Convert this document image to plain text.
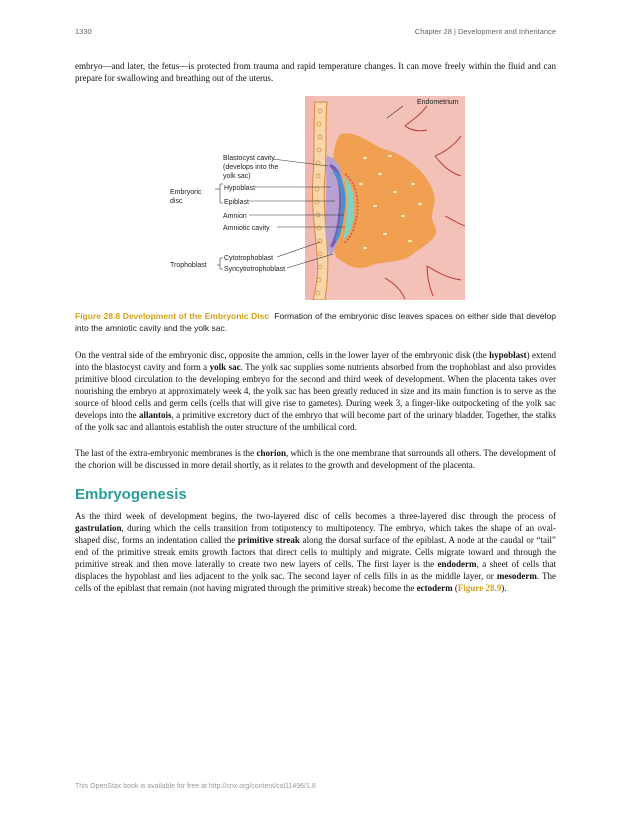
1330	Chapter 28 | Development and Inheritance

embryo—and later, the fetus—is protected from trauma and rapid temperature changes. It can move freely within the fluid and can prepare for swallowing and breathing out of the uterus.

Endometrium
Blastocyst cavity
(develops into the
yolk sac)
Embryoric
disc
Hypoblast
Epiblast
Amnion
Amniotic cavity
Trophoblast
Cytotrophoblast
Syncytiotrophoblast

Figure 28.8 Development of the Embryonic Disc Formation of the embryonic disc leaves spaces on either side that develop into the amniotic cavity and the yolk sac.

On the ventral side of the embryonic disc, opposite the amnion, cells in the lower layer of the embryonic disk (the hypoblast) extend into the blastocyst cavity and form a yolk sac. The yolk sac supplies some nutrients absorbed from the trophoblast and also provides primitive blood circulation to the developing embryo for the second and third week of development. When the placenta takes over nourishing the embryo at approximately week 4, the yolk sac has been greatly reduced in size and its main function is to serve as the source of blood cells and germ cells (cells that will give rise to gametes). During week 3, a finger-like outpocketing of the yolk sac develops into the allantois, a primitive excretory duct of the embryo that will become part of the urinary bladder. Together, the stalks of the yolk sac and allantois establish the outer structure of the umbilical cord.

The last of the extra-embryonic membranes is the chorion, which is the one membrane that surrounds all others. The development of the chorion will be discussed in more detail shortly, as it relates to the growth and development of the placenta.

Embryogenesis

As the third week of development begins, the two-layered disc of cells becomes a three-layered disc through the process of gastrulation, during which the cells transition from totipotency to multipotency. The embryo, which takes the shape of an oval-shaped disc, forms an indentation called the primitive streak along the dorsal surface of the epiblast. A node at the caudal or “tail” end of the primitive streak emits growth factors that direct cells to multiply and migrate. Cells migrate toward and through the primitive streak and then move laterally to create two new layers of cells. The first layer is the endoderm, a sheet of cells that displaces the hypoblast and lies adjacent to the yolk sac. The second layer of cells fills in as the middle layer, or mesoderm. The cells of the epiblast that remain (not having migrated through the primitive streak) become the ectoderm (Figure 28.9).

This OpenStax book is available for free at http://cnx.org/content/col11496/1.8
